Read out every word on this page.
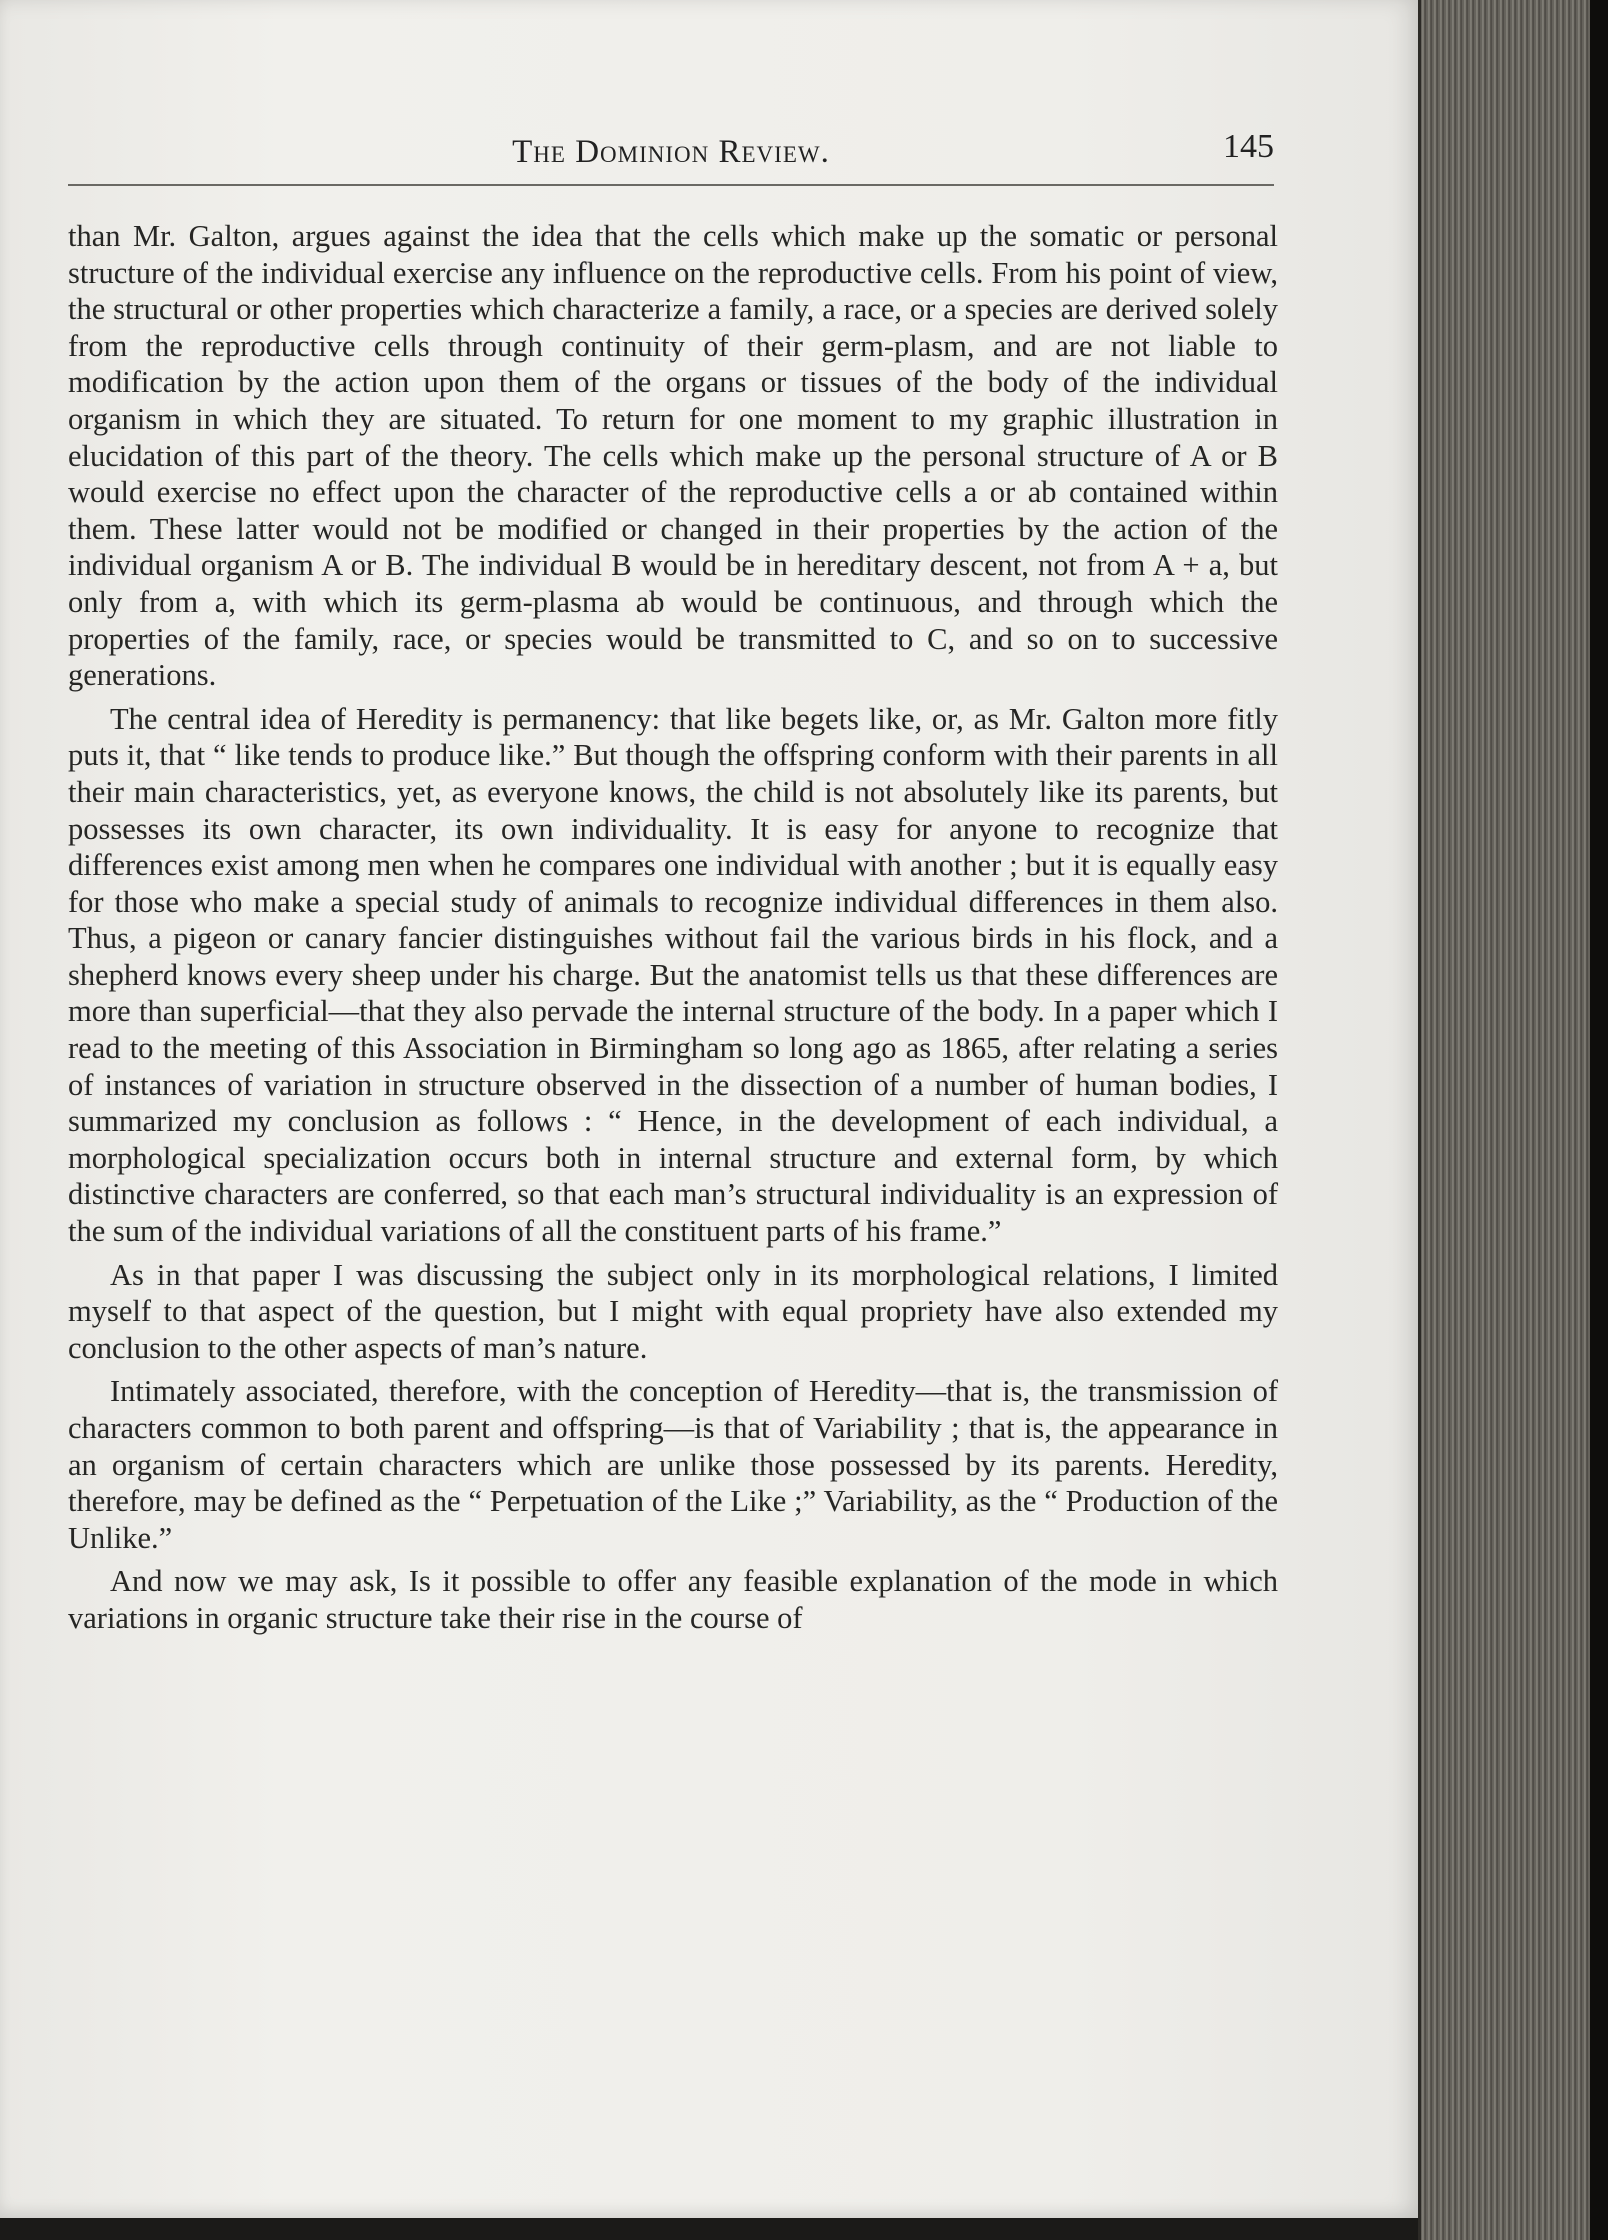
The Dominion Review.	145

than Mr. Galton, argues against the idea that the cells which make up the somatic or personal structure of the individual exercise any influence on the reproductive cells. From his point of view, the structural or other properties which characterize a family, a race, or a species are derived solely from the reproductive cells through continuity of their germ-plasm, and are not liable to modification by the action upon them of the organs or tissues of the body of the individual organism in which they are situated. To return for one moment to my graphic illustration in elucidation of this part of the theory. The cells which make up the personal structure of A or B would exercise no effect upon the character of the reproductive cells a or ab contained within them. These latter would not be modified or changed in their properties by the action of the individual organism A or B. The individual B would be in hereditary descent, not from A + a, but only from a, with which its germ-plasma ab would be continuous, and through which the properties of the family, race, or species would be transmitted to C, and so on to successive generations.

The central idea of Heredity is permanency: that like begets like, or, as Mr. Galton more fitly puts it, that “ like tends to produce like.” But though the offspring conform with their parents in all their main characteristics, yet, as everyone knows, the child is not absolutely like its parents, but possesses its own character, its own individuality. It is easy for anyone to recognize that differences exist among men when he compares one individual with another ; but it is equally easy for those who make a special study of animals to recognize individual differences in them also. Thus, a pigeon or canary fancier distinguishes without fail the various birds in his flock, and a shepherd knows every sheep under his charge. But the anatomist tells us that these differences are more than superficial—that they also pervade the internal structure of the body. In a paper which I read to the meeting of this Association in Birmingham so long ago as 1865, after relating a series of instances of variation in structure observed in the dissection of a number of human bodies, I summarized my conclusion as follows : “ Hence, in the development of each individual, a morphological specialization occurs both in internal structure and external form, by which distinctive characters are conferred, so that each man’s structural individuality is an expression of the sum of the individual variations of all the constituent parts of his frame.”

As in that paper I was discussing the subject only in its morphological relations, I limited myself to that aspect of the question, but I might with equal propriety have also extended my conclusion to the other aspects of man’s nature.

Intimately associated, therefore, with the conception of Heredity—that is, the transmission of characters common to both parent and offspring—is that of Variability ; that is, the appearance in an organism of certain characters which are unlike those possessed by its parents. Heredity, therefore, may be defined as the “ Perpetuation of the Like ;” Variability, as the “ Production of the Unlike.”

And now we may ask, Is it possible to offer any feasible explanation of the mode in which variations in organic structure take their rise in the course of
